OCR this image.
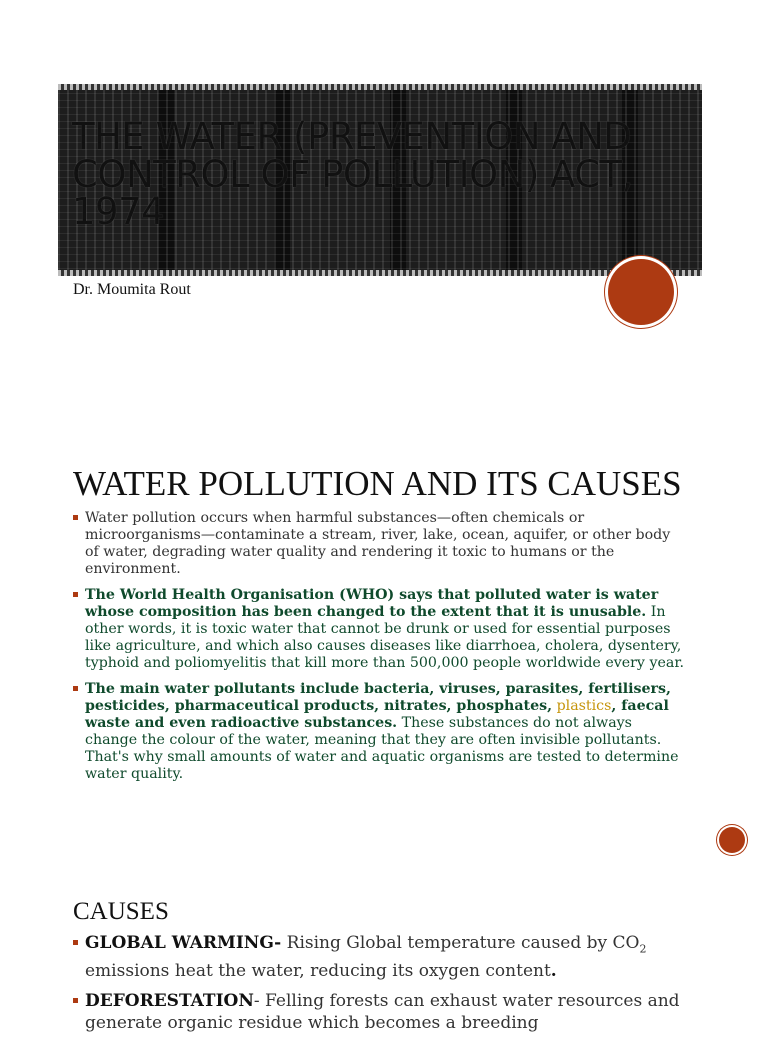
THE WATER (PREVENTION AND CONTROL OF POLLUTION) ACT, 1974
Dr. Moumita Rout
WATER POLLUTION AND ITS CAUSES
Water pollution occurs when harmful substances—often chemicals or microorganisms—contaminate a stream, river, lake, ocean, aquifer, or other body of water, degrading water quality and rendering it toxic to humans or the environment.
The World Health Organisation (WHO) says that polluted water is water whose composition has been changed to the extent that it is unusable. In other words, it is toxic water that cannot be drunk or used for essential purposes like agriculture, and which also causes diseases like diarrhoea, cholera, dysentery, typhoid and poliomyelitis that kill more than 500,000 people worldwide every year.
The main water pollutants include bacteria, viruses, parasites, fertilisers, pesticides, pharmaceutical products, nitrates, phosphates, plastics, faecal waste and even radioactive substances. These substances do not always change the colour of the water, meaning that they are often invisible pollutants. That's why small amounts of water and aquatic organisms are tested to determine water quality.
CAUSES
GLOBAL WARMING- Rising Global temperature caused by $CO_2$ emissions heat the water, reducing its oxygen content.
DEFORESTATION- Felling forests can exhaust water resources and generate organic residue which becomes a breeding
